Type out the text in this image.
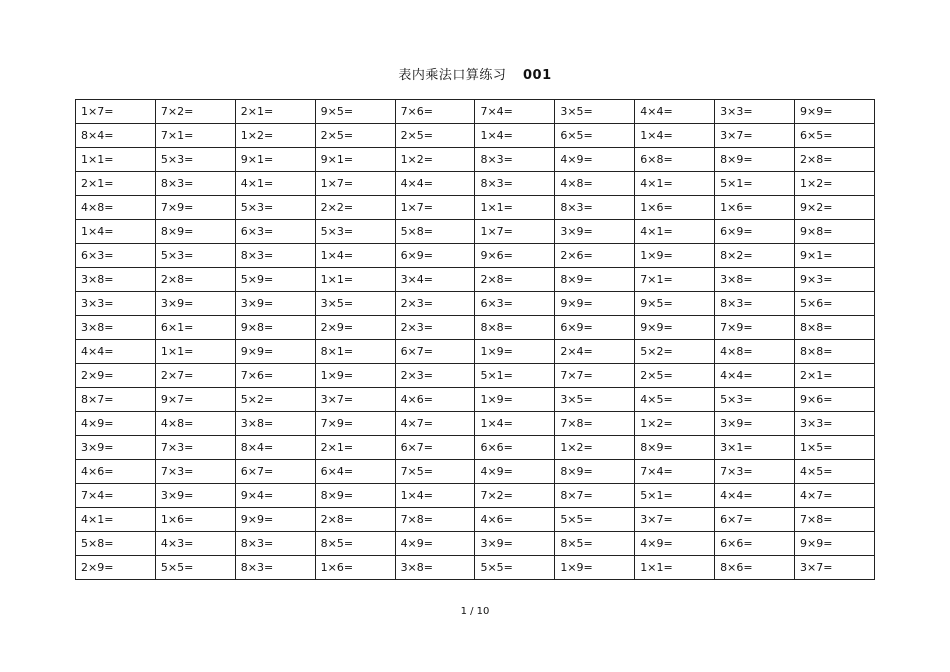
表内乘法口算练习 001
1×7=	7×2=	2×1=	9×5=	7×6=	7×4=	3×5=	4×4=	3×3=	9×9=
8×4=	7×1=	1×2=	2×5=	2×5=	1×4=	6×5=	1×4=	3×7=	6×5=
1×1=	5×3=	9×1=	9×1=	1×2=	8×3=	4×9=	6×8=	8×9=	2×8=
2×1=	8×3=	4×1=	1×7=	4×4=	8×3=	4×8=	4×1=	5×1=	1×2=
4×8=	7×9=	5×3=	2×2=	1×7=	1×1=	8×3=	1×6=	1×6=	9×2=
1×4=	8×9=	6×3=	5×3=	5×8=	1×7=	3×9=	4×1=	6×9=	9×8=
6×3=	5×3=	8×3=	1×4=	6×9=	9×6=	2×6=	1×9=	8×2=	9×1=
3×8=	2×8=	5×9=	1×1=	3×4=	2×8=	8×9=	7×1=	3×8=	9×3=
3×3=	3×9=	3×9=	3×5=	2×3=	6×3=	9×9=	9×5=	8×3=	5×6=
3×8=	6×1=	9×8=	2×9=	2×3=	8×8=	6×9=	9×9=	7×9=	8×8=
4×4=	1×1=	9×9=	8×1=	6×7=	1×9=	2×4=	5×2=	4×8=	8×8=
2×9=	2×7=	7×6=	1×9=	2×3=	5×1=	7×7=	2×5=	4×4=	2×1=
8×7=	9×7=	5×2=	3×7=	4×6=	1×9=	3×5=	4×5=	5×3=	9×6=
4×9=	4×8=	3×8=	7×9=	4×7=	1×4=	7×8=	1×2=	3×9=	3×3=
3×9=	7×3=	8×4=	2×1=	6×7=	6×6=	1×2=	8×9=	3×1=	1×5=
4×6=	7×3=	6×7=	6×4=	7×5=	4×9=	8×9=	7×4=	7×3=	4×5=
7×4=	3×9=	9×4=	8×9=	1×4=	7×2=	8×7=	5×1=	4×4=	4×7=
4×1=	1×6=	9×9=	2×8=	7×8=	4×6=	5×5=	3×7=	6×7=	7×8=
5×8=	4×3=	8×3=	8×5=	4×9=	3×9=	8×5=	4×9=	6×6=	9×9=
2×9=	5×5=	8×3=	1×6=	3×8=	5×5=	1×9=	1×1=	8×6=	3×7=
1 / 10
